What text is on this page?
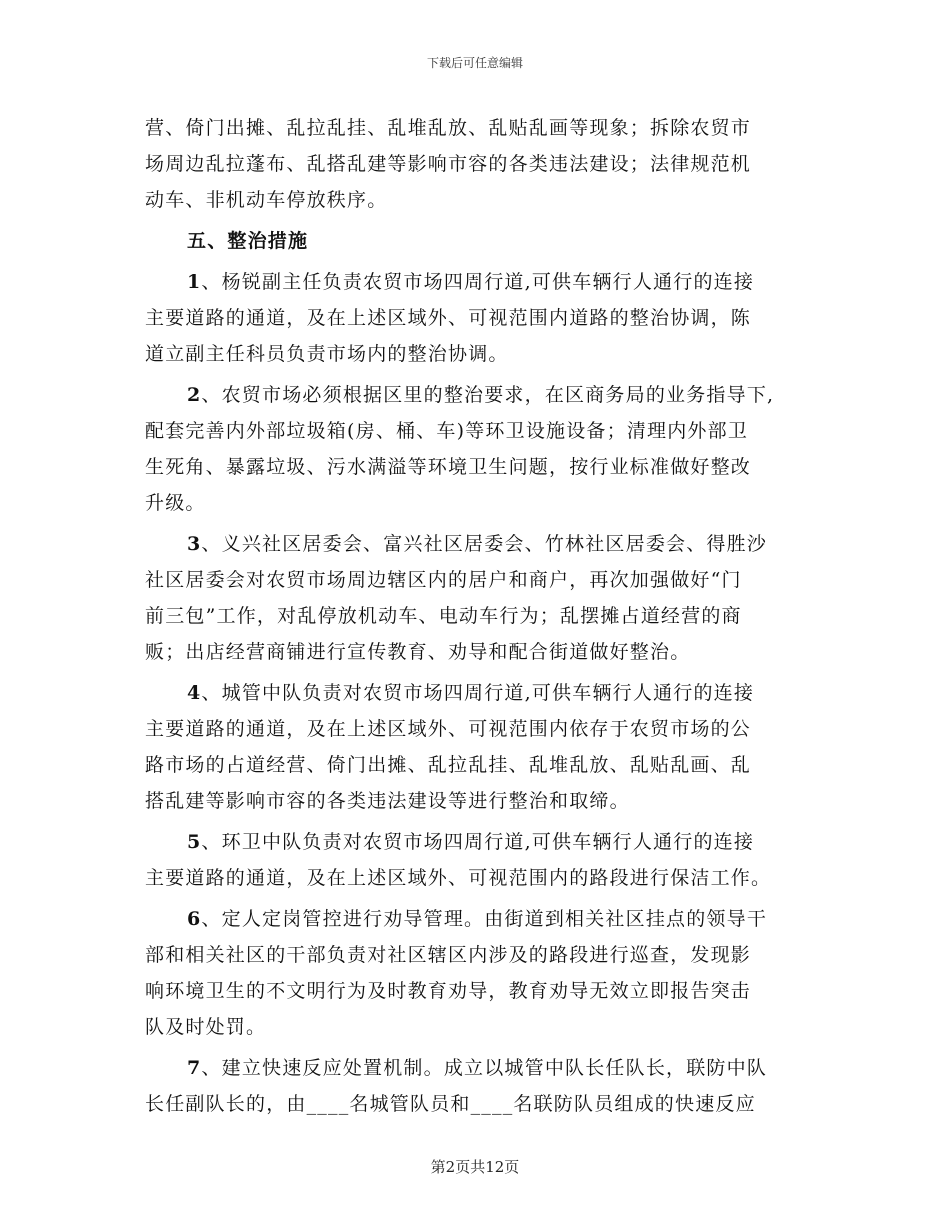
下载后可任意编辑
营、倚门出摊、乱拉乱挂、乱堆乱放、乱贴乱画等现象；拆除农贸市
场周边乱拉蓬布、乱搭乱建等影响市容的各类违法建设；法律规范机
动车、非机动车停放秩序。
五、整治措施
1、杨锐副主任负责农贸市场四周行道,可供车辆行人通行的连接
主要道路的通道，及在上述区域外、可视范围内道路的整治协调，陈
道立副主任科员负责市场内的整治协调。
2、农贸市场必须根据区里的整治要求，在区商务局的业务指导下,
配套完善内外部垃圾箱(房、桶、车)等环卫设施设备；清理内外部卫
生死角、暴露垃圾、污水满溢等环境卫生问题，按行业标准做好整改
升级。
3、义兴社区居委会、富兴社区居委会、竹林社区居委会、得胜沙
社区居委会对农贸市场周边辖区内的居户和商户，再次加强做好“门
前三包”工作，对乱停放机动车、电动车行为；乱摆摊占道经营的商
贩；出店经营商铺进行宣传教育、劝导和配合街道做好整治。
4、城管中队负责对农贸市场四周行道,可供车辆行人通行的连接
主要道路的通道，及在上述区域外、可视范围内依存于农贸市场的公
路市场的占道经营、倚门出摊、乱拉乱挂、乱堆乱放、乱贴乱画、乱
搭乱建等影响市容的各类违法建设等进行整治和取缔。
5、环卫中队负责对农贸市场四周行道,可供车辆行人通行的连接
主要道路的通道，及在上述区域外、可视范围内的路段进行保洁工作。
6、定人定岗管控进行劝导管理。由街道到相关社区挂点的领导干
部和相关社区的干部负责对社区辖区内涉及的路段进行巡查，发现影
响环境卫生的不文明行为及时教育劝导，教育劝导无效立即报告突击
队及时处罚。
7、建立快速反应处置机制。成立以城管中队长任队长，联防中队
长任副队长的，由____名城管队员和____名联防队员组成的快速反应
第2页共12页
